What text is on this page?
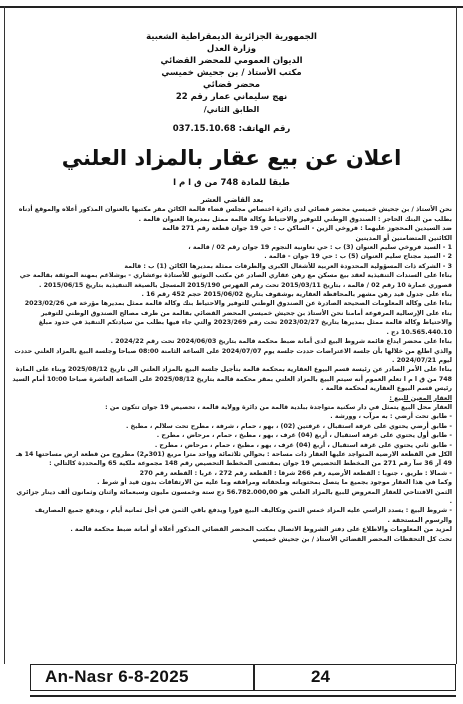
الجمهورية الجزائرية الديمقراطية الشعبية
وزارة العدل
الديوان العمومي للمحضر القضائي
مكتب الأستاذ / بن جحيش خميسي
محضر قضائي
نهج سليماني عمار رقم 22
الطابق الثاني/
رقم الهاتف: 037.15.10.68
اعلان عن بيع عقار بالمزاد العلني
طبقا للمادة 748 من ق ا م ا

بعد القاضي العشر

نحن الأستاذ / بن جحيش خميسي محضر قضائي لدى دائرة اختصاص مجلس قضاء قالمة الكائن مقر مكتبها بالعنوان المذكور أعلاه والموقع أدناه

بطلب من البنك الحاجز : الصندوق الوطني للتوفير والاحتياط وكالة قالمة ممثل بمديرها العنوان قالمة .

ضد السيدين المحجوز عليهما : فروخي الزين - الساكن ب : حي 19 جوان قطعة رقم 271 قالمة

الكائنين المتضامنين أو المدينين

1 - السيد فروخي سليم العنوان (3) ب : حي تعاونية النجوم 19 جوان رقم 02 / قالمة ،

2 - السيد مجناح سليم العنوان (5) ب : حي 19 جوان - قالمة .

3 - الشركة ذات المسؤولية المحدودة العربية للأشغال الكبرى والطرقات ممثلة بمديرها الكائن (1) ب : قالمة

بناءا على السندات التنفيذية لعقد بيع مسكن مع رهن عقاري الصادر عن مكتب التوثيق للأستاذة بوعشاري - بوشلاغم بمهنة الموثقة بقالمة حي قصوري عمارة 10 رقم 02 / قالمة ، بتاريخ 2015/03/11 تحت رقم الفهرس 2015/190 المسجل بالصيغة التنفيذية بتاريخ 2015/06/15 .

بناء على جدول قيد رهن مشهر بالمحافظة العقارية بوشقوف بتاريخ 2015/06/02 حجم 452 رقم 16 .

بناءا على وكالة المعلومات الصحيحة الصادرة عن الصندوق الوطني للتوفير والاحتياط بنك وكالة قالمة ممثل بمديرها مؤرخة في 2023/02/26

بناء على الإرسالية المرفوعة أمامنا نحن الأستاذ بن جحيش خميسي المحضر القضائي بقالمة من طرف مصالح الصندوق الوطني للتوفير والاحتياط وكالة قالمة ممثل بمديرها بتاريخ 2023/02/27 تحت رقم 2023/269 والتي جاء فيها بطلب من سيادتكم التنفيذ في حدود مبلغ 10.565.440.10 دج .

بناءا على محضر ايداع قائمة شروط البيع لدى أمانة ضبط محكمة قالمة بتاريخ 2024/06/03 تحت رقم 2024/22 .

والذي اطلع من خلالها بأن جلسة الاعتراضات حددت جلسة يوم 2024/07/07 على الساعة الثامنة 08:00 صباحا وجلسة البيع بالمزاد العلني حددت ليوم 2024/07/21 .

بناءا على الأمر الصادر عن رئيسة قسم البيوع العقارية بمحكمة قالمة بتأجيل جلسة البيع بالمزاد العلني الى تاريخ 2025/08/12 وبناء على المادة 748 من ق ا م ا تعلم العموم أنه سيتم البيع بالمزاد العلني بمقر محكمة قالمة بتاريخ 2025/08/12 على الساعة العاشرة صباحا 10:00 أمام السيد رئيس قسم البيوع العقارية لمحكمة قالمة .

العقار المعين للبيع :

العقار محل البيع يتمثل في دار سكنية متواجدة ببلدية قالمة من دائرة وولاية قالمة ، تحصيص 19 جوان تتكون من :

- طابق تحت أرضي : به مرآب ، وورشة .

- طابق أرضي يحتوي على غرفة استقبال ، غرفتين (02) ، بهو ، حمام ، شرفة ، مطرح تحت سلالم ، مطبخ .

- طابق أول يحتوي على غرفة استقبال ، أربع (04) غرف ، بهو ، مطبخ ، حمام ، مرحاض ، مطرح .

- طابق ثاني يحتوي على غرفة استقبال ، أربع (04) غرف ، بهو ، مطبخ ، حمام ، مرحاض ، مطرح .

الكل في القطعة الارضية المتواجد عليها العقار ذات مساحة : بحوالي ثلاثمائة وواحد مترا مربع (301م2) مطروح من قطعة ارض مساحتها 14 هـ 49 آر 36 سآ رقم 271 من المخطط التحصيص 19 جوان بمقتضى المخطط التحصيص رقم 148 مجموعة ملكية 65 والمحددة كالتالي :

- شمالا : طريق ، جنوبا : القطعة الأرضية رقم 266 شرقا : القطعة رقم 272 ، غربا : القطعة رقم 270

وكما في هذا العقار موجود بجميع ما يتصل بمحتوياته وملحقاته ومرافقه وما عليه من الارتفاقات بدون قيد أو شرط .

الثمن الافتتاحي للعقار المعروض للبيع بالمزاد العلني هو 56.782.000,00 دج ستة وخمسون مليون وسبعمائة واثنان وثمانون ألف دينار جزائري .

- شروط البيع : يسدد الراسي عليه المزاد خمس الثمن وتكاليف البيع فورا ويدفع باقي الثمن في أجل ثمانية أيام ، ويدفع جميع المصاريف والرسوم المستحقة .

لمزيد من المعلومات والاطلاع على دفتر الشروط الاتصال بمكتب المحضر القضائي المذكور أعلاه أو أمانة ضبط محكمة قالمة .

تحت كل التحفظات المحضر القضائي الأستاذ / بن جحيش خميسي

An-Nasr 6-8-2025	24
